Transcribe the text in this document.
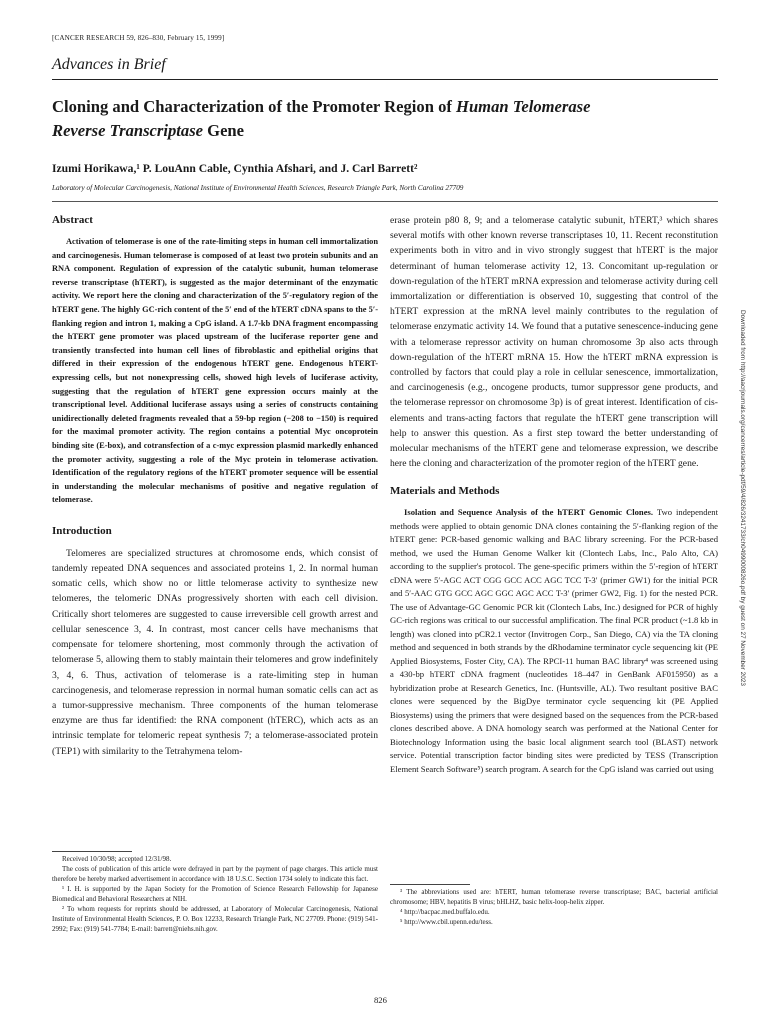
[CANCER RESEARCH 59, 826–830, February 15, 1999]
Advances in Brief
Cloning and Characterization of the Promoter Region of Human Telomerase
Reverse Transcriptase Gene
Izumi Horikawa,¹ P. LouAnn Cable, Cynthia Afshari, and J. Carl Barrett²
Laboratory of Molecular Carcinogenesis, National Institute of Environmental Health Sciences, Research Triangle Park, North Carolina 27709
Abstract

Activation of telomerase is one of the rate-limiting steps in human cell immortalization and carcinogenesis. Human telomerase is composed of at least two protein subunits and an RNA component. Regulation of expression of the catalytic subunit, human telomerase reverse transcriptase (hTERT), is suggested as the major determinant of the enzymatic activity. We report here the cloning and characterization of the 5′-regulatory region of the hTERT gene. The highly GC-rich content of the 5′ end of the hTERT cDNA spans to the 5′-flanking region and intron 1, making a CpG island. A 1.7-kb DNA fragment encompassing the hTERT gene promoter was placed upstream of the luciferase reporter gene and transiently transfected into human cell lines of fibroblastic and epithelial origins that differed in their expression of the endogenous hTERT gene. Endogenous hTERT-expressing cells, but not nonexpressing cells, showed high levels of luciferase activity, suggesting that the regulation of hTERT gene expression occurs mainly at the transcriptional level. Additional luciferase assays using a series of constructs containing unidirectionally deleted fragments revealed that a 59-bp region (−208 to −150) is required for the maximal promoter activity. The region contains a potential Myc oncoprotein binding site (E-box), and cotransfection of a c-myc expression plasmid markedly enhanced the promoter activity, suggesting a role of the Myc protein in telomerase activation. Identification of the regulatory regions of the hTERT promoter sequence will be essential in understanding the molecular mechanisms of positive and negative regulation of telomerase.

Introduction

Telomeres are specialized structures at chromosome ends, which consist of tandemly repeated DNA sequences and associated proteins 1, 2. In normal human somatic cells, which show no or little telomerase activity to synthesize new telomeres, the telomeric DNAs progressively shorten with each cell division. Critically short telomeres are suggested to cause irreversible cell growth arrest and cellular senescence 3, 4. In contrast, most cancer cells have mechanisms that compensate for telomere shortening, most commonly through the activation of telomerase 5, allowing them to stably maintain their telomeres and grow indefinitely 3, 4, 6. Thus, activation of telomerase is a rate-limiting step in human carcinogenesis, and telomerase repression in normal human somatic cells can act as a tumor-suppressive mechanism. Three components of the human telomerase enzyme are thus far identified: the RNA component (hTERC), which acts as an intrinsic template for telomeric repeat synthesis 7; a telomerase-associated protein (TEP1) with similarity to the Tetrahymena telom-

Received 10/30/98; accepted 12/31/98.

The costs of publication of this article were defrayed in part by the payment of page charges. This article must therefore be hereby marked advertisement in accordance with 18 U.S.C. Section 1734 solely to indicate this fact.

¹ I. H. is supported by the Japan Society for the Promotion of Science Research Fellowship for Japanese Biomedical and Behavioral Researchers at NIH.

² To whom requests for reprints should be addressed, at Laboratory of Molecular Carcinogenesis, National Institute of Environmental Health Sciences, P. O. Box 12233, Research Triangle Park, NC 27709. Phone: (919) 541-2992; Fax: (919) 541-7784; E-mail: barrett@niehs.nih.gov.

erase protein p80 8, 9; and a telomerase catalytic subunit, hTERT,³ which shares several motifs with other known reverse transcriptases 10, 11. Recent reconstitution experiments both in vitro and in vivo strongly suggest that hTERT is the major determinant of human telomerase activity 12, 13. Concomitant up-regulation or down-regulation of the hTERT mRNA expression and telomerase activity during cell immortalization or differentiation is observed 10, suggesting that control of the hTERT expression at the mRNA level mainly contributes to the regulation of telomerase enzymatic activity 14. We found that a putative senescence-inducing gene with a telomerase repressor activity on human chromosome 3p also acts through down-regulation of the hTERT mRNA 15. How the hTERT mRNA expression is controlled by factors that could play a role in cellular senescence, immortalization, and carcinogenesis (e.g., oncogene products, tumor suppressor gene products, and the telomerase repressor on chromosome 3p) is of great interest. Identification of cis-elements and trans-acting factors that regulate the hTERT gene transcription will help to answer this question. As a first step toward the better understanding of molecular mechanisms of the hTERT gene and telomerase expression, we describe here the cloning and characterization of the promoter region of the hTERT gene.

Materials and Methods

Isolation and Sequence Analysis of the hTERT Genomic Clones. Two independent methods were applied to obtain genomic DNA clones containing the 5′-flanking region of the hTERT gene: PCR-based genomic walking and BAC library screening. For the PCR-based method, we used the Human Genome Walker kit (Clontech Labs, Inc., Palo Alto, CA) according to the supplier's protocol. The gene-specific primers within the 5′-region of hTERT cDNA were 5′-AGC ACT CGG GCC ACC AGC TCC T-3′ (primer GW1) for the initial PCR and 5′-AAC GTG GCC AGC GGC AGC ACC T-3′ (primer GW2, Fig. 1) for the nested PCR. The use of Advantage-GC Genomic PCR kit (Clontech Labs, Inc.) designed for PCR of highly GC-rich regions was critical to our successful amplification. The final PCR product (~1.8 kb in length) was cloned into pCR2.1 vector (Invitrogen Corp., San Diego, CA) via the TA cloning method and sequenced in both strands by the dRhodamine terminator cycle sequencing kit (PE Applied Biosystems, Foster City, CA). The RPCI-11 human BAC library⁴ was screened using a 430-bp hTERT cDNA fragment (nucleotides 18–447 in GenBank AF015950) as a hybridization probe at Research Genetics, Inc. (Huntsville, AL). Two resultant positive BAC clones were sequenced by the BigDye terminator cycle sequencing kit (PE Applied Biosystems) using the primers that were designed based on the sequences from the PCR-based clones described above. A DNA homology search was performed at the National Center for Biotechnology Information using the basic local alignment search tool (BLAST) network service. Potential transcription factor binding sites were predicted by TESS (Transcription Element Search Software⁵) search program. A search for the CpG island was carried out using

³ The abbreviations used are: hTERT, human telomerase reverse transcriptase; BAC, bacterial artificial chromosome; HBV, hepatitis B virus; bHLHZ, basic helix-loop-helix zipper.

⁴ http://bacpac.med.buffalo.edu.

⁵ http://www.cbil.upenn.edu/tess.

826
Downloaded from http://aacrjournals.org/cancerres/article-pdf/59/4/826/3241733/ch0499000826o.pdf by guest on 27 November 2023
